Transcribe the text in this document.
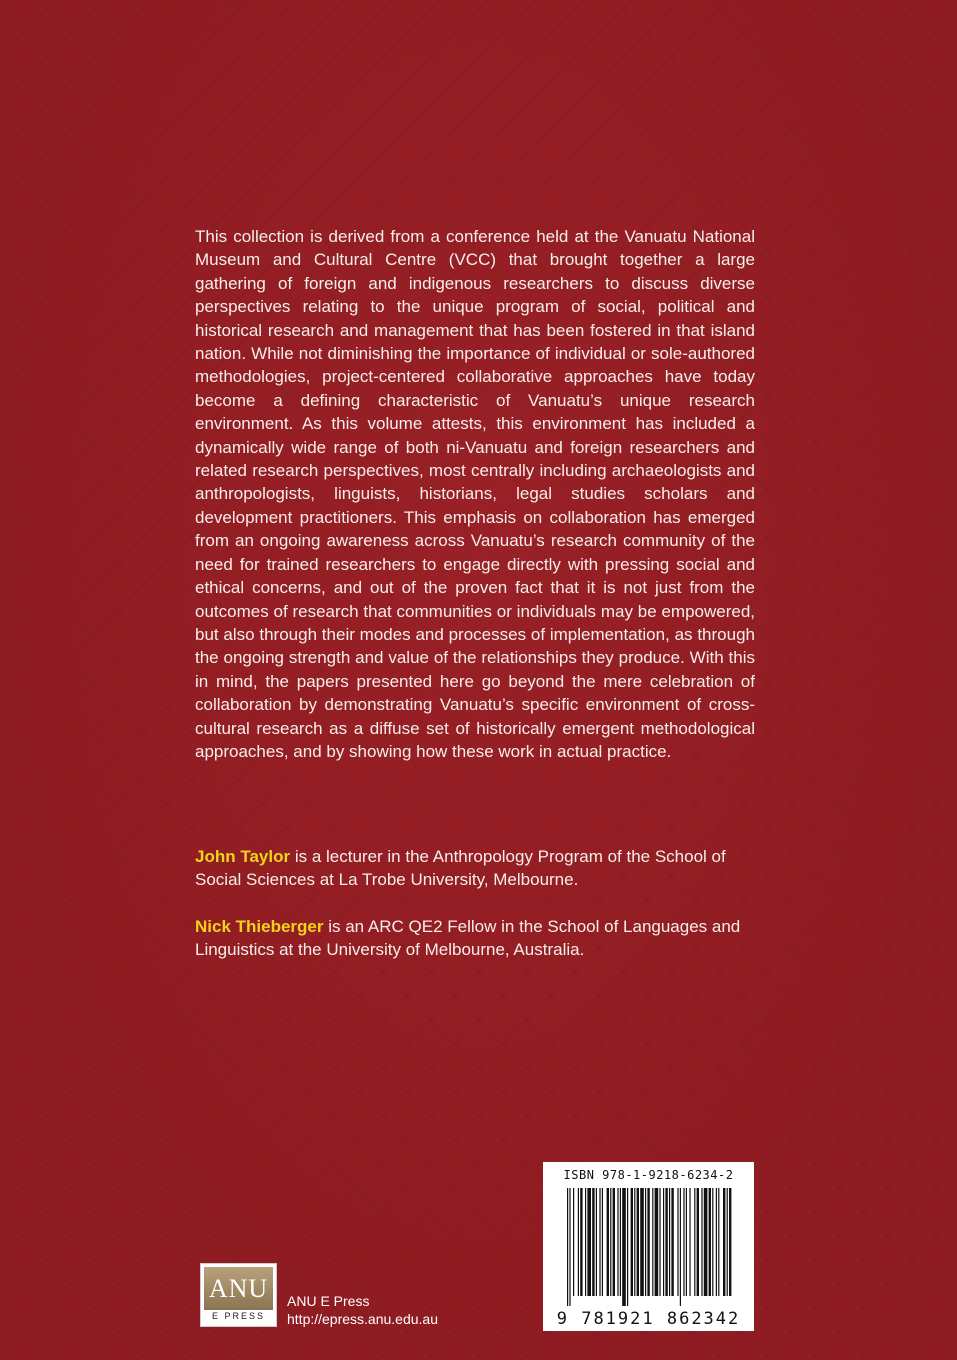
This collection is derived from a conference held at the Vanuatu National Museum and Cultural Centre (VCC) that brought together a large gathering of foreign and indigenous researchers to discuss diverse perspectives relating to the unique program of social, political and historical research and management that has been fostered in that island nation. While not diminishing the importance of individual or sole-authored methodologies, project-centered collaborative approaches have today become a defining characteristic of Vanuatu’s unique research environment. As this volume attests, this environment has included a dynamically wide range of both ni-Vanuatu and foreign researchers and related research perspectives, most centrally including archaeologists and anthropologists, linguists, historians, legal studies scholars and development practitioners. This emphasis on collaboration has emerged from an ongoing awareness across Vanuatu’s research community of the need for trained researchers to engage directly with pressing social and ethical concerns, and out of the proven fact that it is not just from the outcomes of research that communities or individuals may be empowered, but also through their modes and processes of implementation, as through the ongoing strength and value of the relationships they produce. With this in mind, the papers presented here go beyond the mere celebration of collaboration by demonstrating Vanuatu’s specific environment of cross-cultural research as a diffuse set of historically emergent methodological approaches, and by showing how these work in actual practice.

John Taylor is a lecturer in the Anthropology Program of the School of Social Sciences at La Trobe University, Melbourne.

Nick Thieberger is an ARC QE2 Fellow in the School of Languages and Linguistics at the University of Melbourne, Australia.

ISBN 978-1-9218-6234-2
9 781921 862342
ANU
E PRESS
ANU E Press
http://epress.anu.edu.au
